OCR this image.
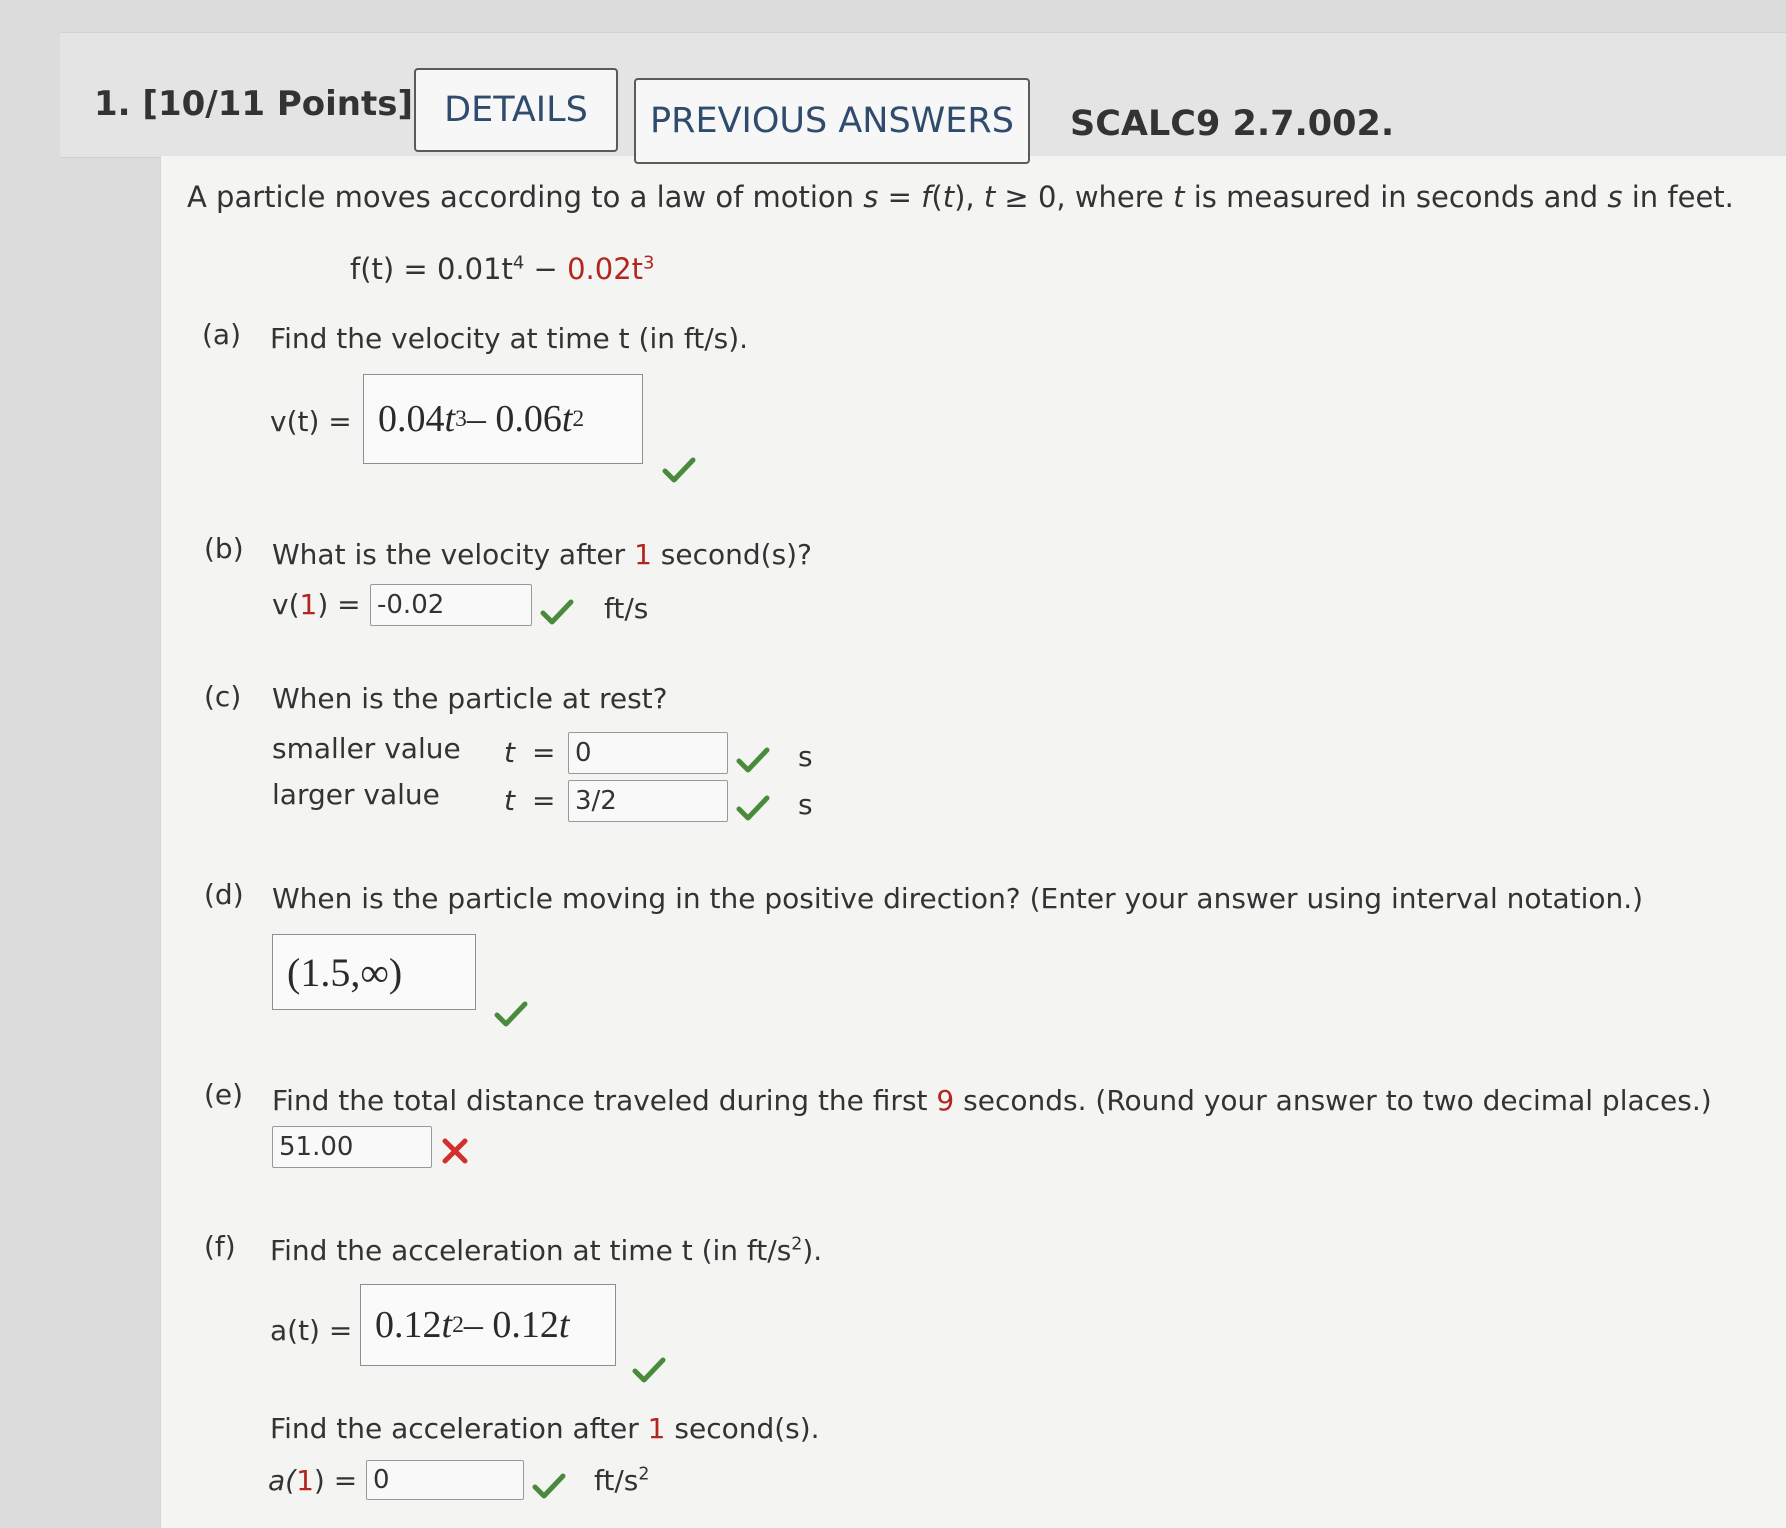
1. [10/11 Points] DETAILS	PREVIOUS ANSWERS	SCALC9 2.7.002.
A particle moves according to a law of motion s = f(t), t ≥ 0, where t is measured in seconds and s in feet.
$f(t) = 0.01t^4 - 0.02t^3$
(a) Find the velocity at time t (in ft/s).
v(t) = 0.04 t 3 – 0.06 t 2
(b) What is the velocity after 1 second(s)?
v(1) = -0.02	ft/s
(c) When is the particle at rest?
smaller value t = 0	s
larger value t = 3/2	s
(d) When is the particle moving in the positive direction? (Enter your answer using interval notation.)
(1.5,∞)
(e) Find the total distance traveled during the first 9 seconds. (Round your answer to two decimal places.)
51.00
(f) Find the acceleration at time t (in $ft/s^2$).
a(t) = 0.12 t 2 – 0.12 t
Find the acceleration after 1 second(s).
a(1) = 0	$ft/s^2$
